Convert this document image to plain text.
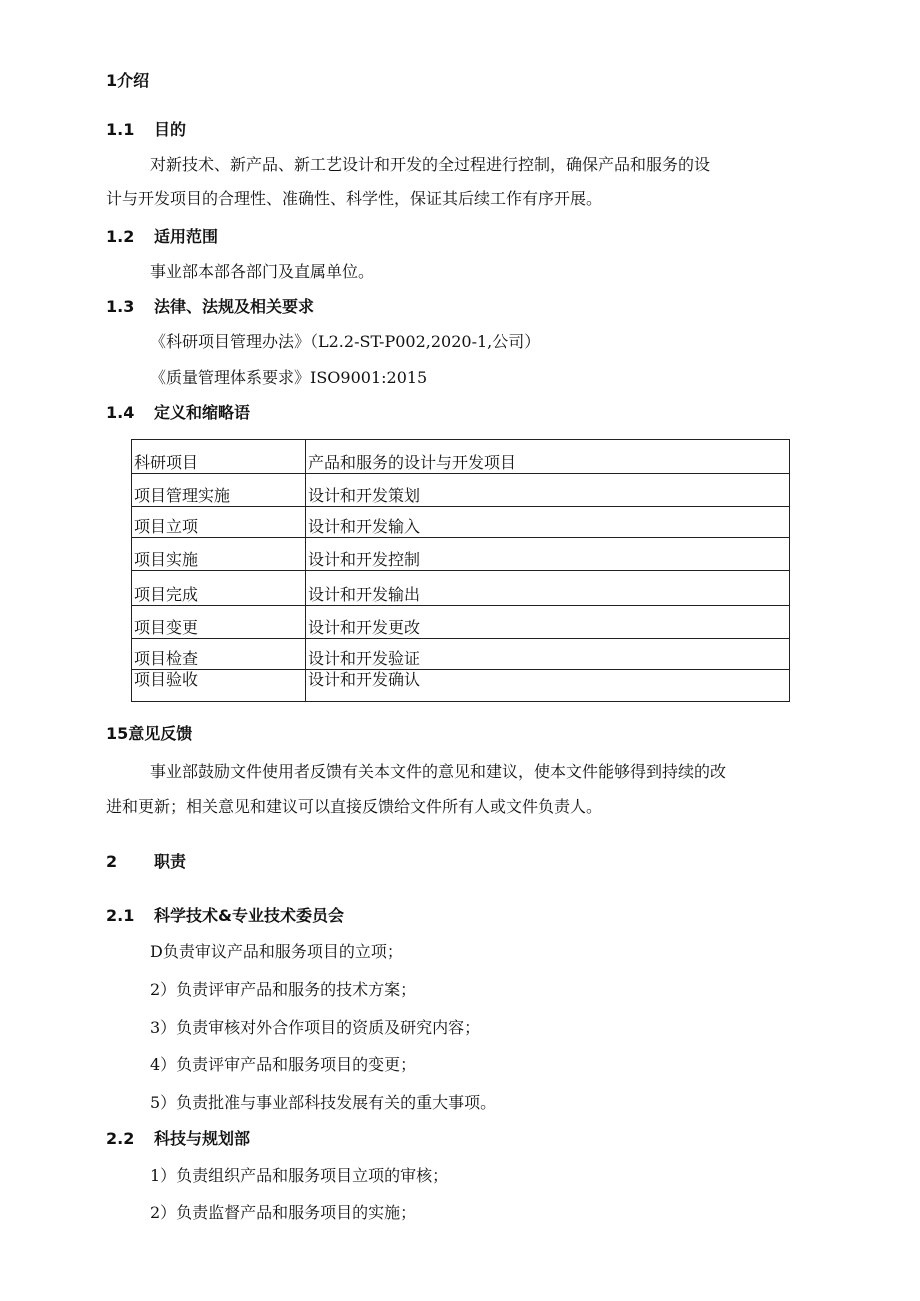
1介绍
1.1 目的
对新技术、新产品、新工艺设计和开发的全过程进行控制，确保产品和服务的设
计与开发项目的合理性、准确性、科学性，保证其后续工作有序开展。
1.2 适用范围
事业部本部各部门及直属单位。
1.3 法律、法规及相关要求
《科研项目管理办法》（L2.2-ST-P002,2020-1,公司）
《质量管理体系要求》ISO9001:2015
1.4 定义和缩略语
科研项目	产品和服务的设计与开发项目
项目管理实施	设计和开发策划
项目立项	设计和开发输入
项目实施	设计和开发控制
项目完成	设计和开发输出
项目变更	设计和开发更改
项目检查	设计和开发验证
项目验收	设计和开发确认
15意见反馈
事业部鼓励文件使用者反馈有关本文件的意见和建议，使本文件能够得到持续的改
进和更新；相关意见和建议可以直接反馈给文件所有人或文件负责人。
2 职责
2.1 科学技术&专业技术委员会
D负责审议产品和服务项目的立项；
2）负责评审产品和服务的技术方案；
3）负责审核对外合作项目的资质及研究内容；
4）负责评审产品和服务项目的变更；
5）负责批准与事业部科技发展有关的重大事项。
2.2 科技与规划部
1）负责组织产品和服务项目立项的审核；
2）负责监督产品和服务项目的实施；
